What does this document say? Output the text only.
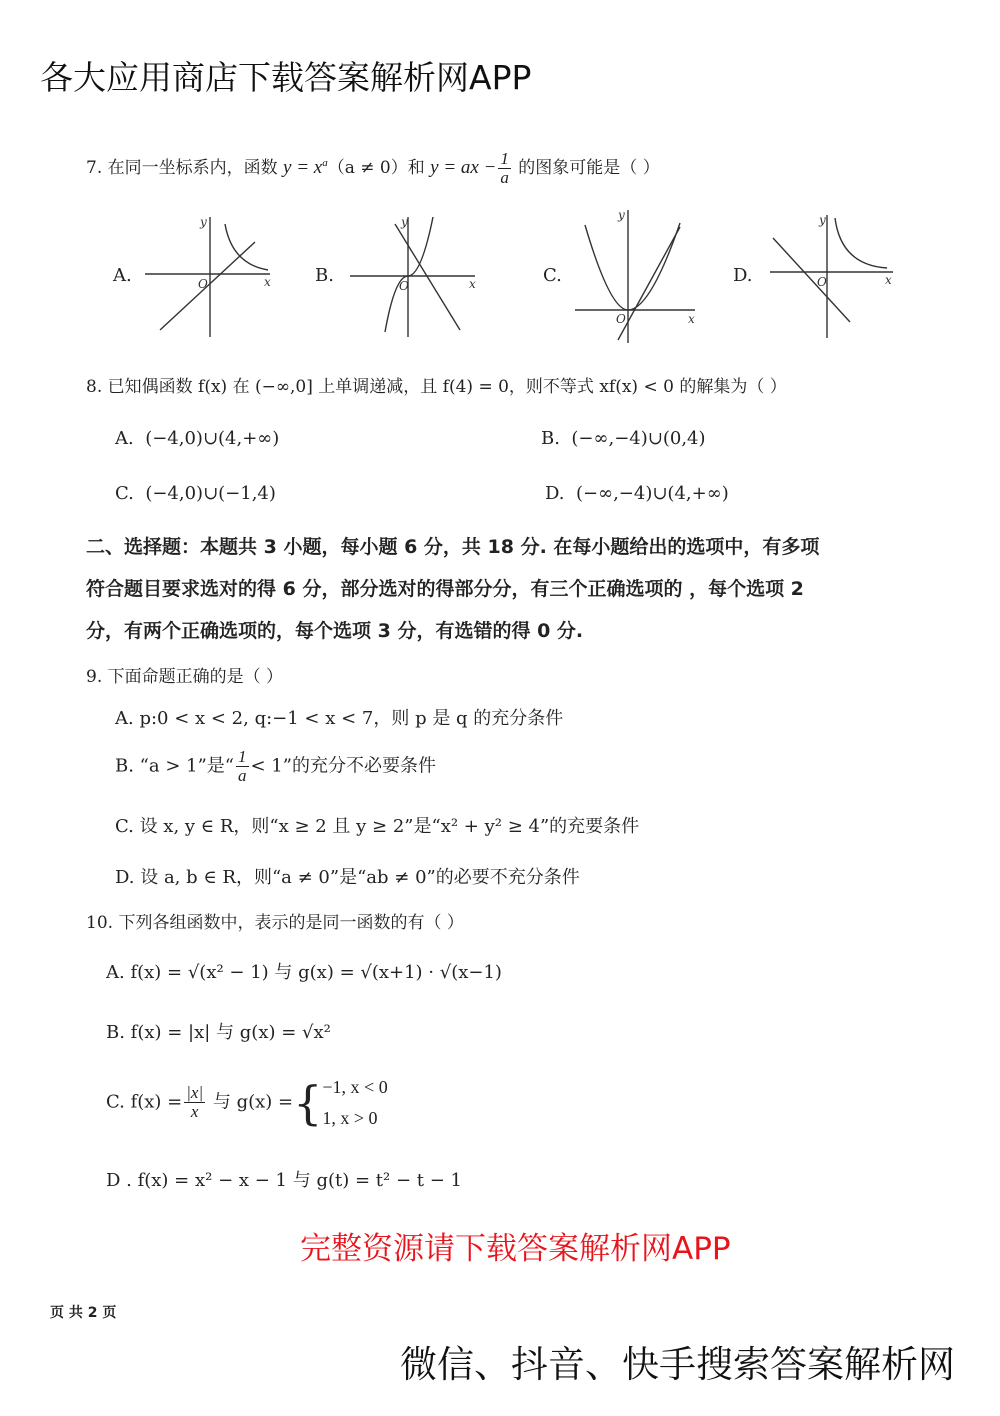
各大应用商店下载答案解析网APP
完整资源请下载答案解析网APP
微信、抖音、快手搜索答案解析网
7. 在同一坐标系内，函数 $y = x^a(a \ne 0)$和 y = ax − $\frac{1}{a}$ 的图象可能是（ ）
A.	B.	C.	D.
x
y
O	x
y
O
x
y
O
x
y
O
8. 已知偶函数 f(x) 在 (−∞,0] 上单调递减，且 f(4) = 0，则不等式 xf(x) < 0 的解集为（ ）
A. (−4,0)∪(4,+∞)	B. (−∞,−4)∪(0,4)
C. (−4,0)∪(−1,4)	D. (−∞,−4)∪(4,+∞)
二、选择题：本题共 3 小题，每小题 6 分，共 18 分. 在每小题给出的选项中，有多项
符合题目要求选对的得 6 分，部分选对的得部分分，有三个正确选项的 ，每个选项 2
分，有两个正确选项的，每个选项 3 分，有选错的得 0 分.
9. 下面命题正确的是（ ）
A. p:0 < x < 2, q:−1 < x < 7，则 p 是 q 的充分条件
B. “a > 1”是“ $\frac{1}{a} < 1$”的充分不必要条件
C. 设 x, y ∈ R，则“x ≥ 2 且 y ≥ 2”是“x² + y² ≥ 4”的充要条件
D. 设 a, b ∈ R，则“a ≠ 0”是“ab ≠ 0”的必要不充分条件
10. 下列各组函数中，表示的是同一函数的有（ ）
A. f(x) = √(x² − 1) 与 g(x) = √(x+1) · √(x−1)
B. f(x) = |x| 与 g(x) = √x²
C. $f(x) = \frac{|x|}{x}$ 与 g(x) ={−1, x < 0
1, x > 0
D . f(x) = x² − x − 1 与 g(t) = t² − t − 1
页 共 2 页
